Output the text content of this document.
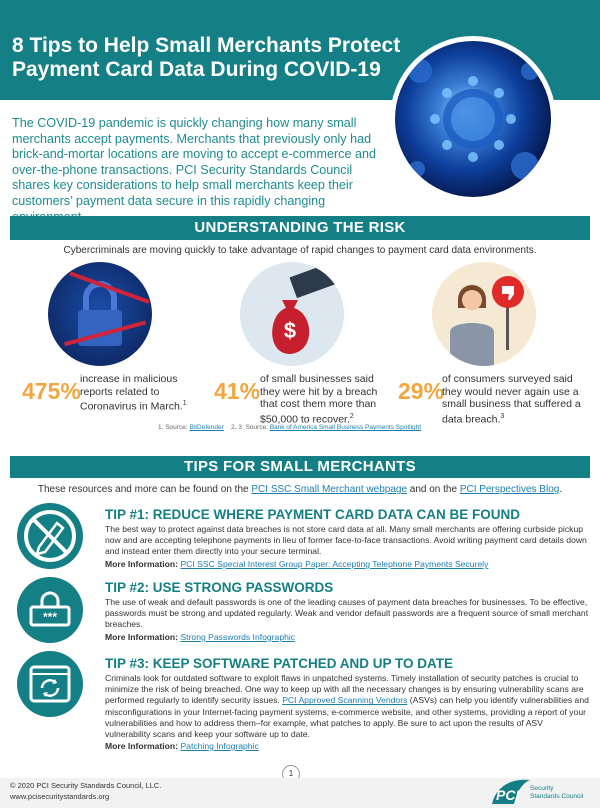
8 Tips to Help Small Merchants Protect Payment Card Data During COVID-19
The COVID-19 pandemic is quickly changing how many small merchants accept payments. Merchants that previously only had brick-and-mortar locations are moving to accept e-commerce and over-the-phone transactions. PCI Security Standards Council shares key considerations to help small merchants keep their customers’ payment data secure in this rapidly changing
UNDERSTANDING THE RISK
Cybercriminals are moving quickly to take advantage of rapid changes to payment card data environments.
475% increase in malicious reports related to Coronavirus in March.$^1$
$
41% of small businesses said they were hit by a breach that cost them more than $50,000 to recover.$^2$
29%
of consumers surveyed said they would never again use a small business that suffered a data breach.$^3$
1. Source: BitDefender 2, 3: Source: Bank of America Small Business Payments Spotlight
TIPS FOR SMALL MERCHANTS
These resources and more can be found on the PCI SSC Small Merchant webpage and on the PCI Perspectives Blog.
TIP #1: REDUCE WHERE PAYMENT CARD DATA CAN BE FOUND
The best way to protect against data breaches is not store card data at all. Many small merchants are offering curbside pickup now and are accepting telephone payments in lieu of former face-to-face transactions. Avoid writing payment card details down and instead enter them directly into your secure terminal.
More Information: PCI SSC Special Interest Group Paper: Accepting Telephone Payments Securely
***
TIP #2: USE STRONG PASSWORDS
The use of weak and default passwords is one of the leading causes of payment data breaches for businesses. To be effective, passwords must be strong and updated regularly. Weak and vendor default passwords are a frequent source of small merchant breaches.
More Information: Strong Passwords Infographic
TIP #3: KEEP SOFTWARE PATCHED AND UP TO DATE
Criminals look for outdated software to exploit flaws in unpatched systems. Timely installation of security patches is crucial to minimize the risk of being breached. One way to keep up with all the necessary changes is by ensuring vulnerability scans are performed regularly to identify security issues. PCI Approved Scanning Vendors (ASVs) can help you identify vulnerabilities and misconfigurations in your Internet-facing payment systems, e-commerce website, and other systems, providing a report of your vulnerabilities and how to address them–for example, what patches to apply. Be sure to act upon the results of ASV vulnerability scans and keep your software up to date.
More Information: Patching Infographic
1
© 2020 PCI Security Standards Council, LLC.
www.pcisecuritystandards.org	PCI Security
Standards Council
